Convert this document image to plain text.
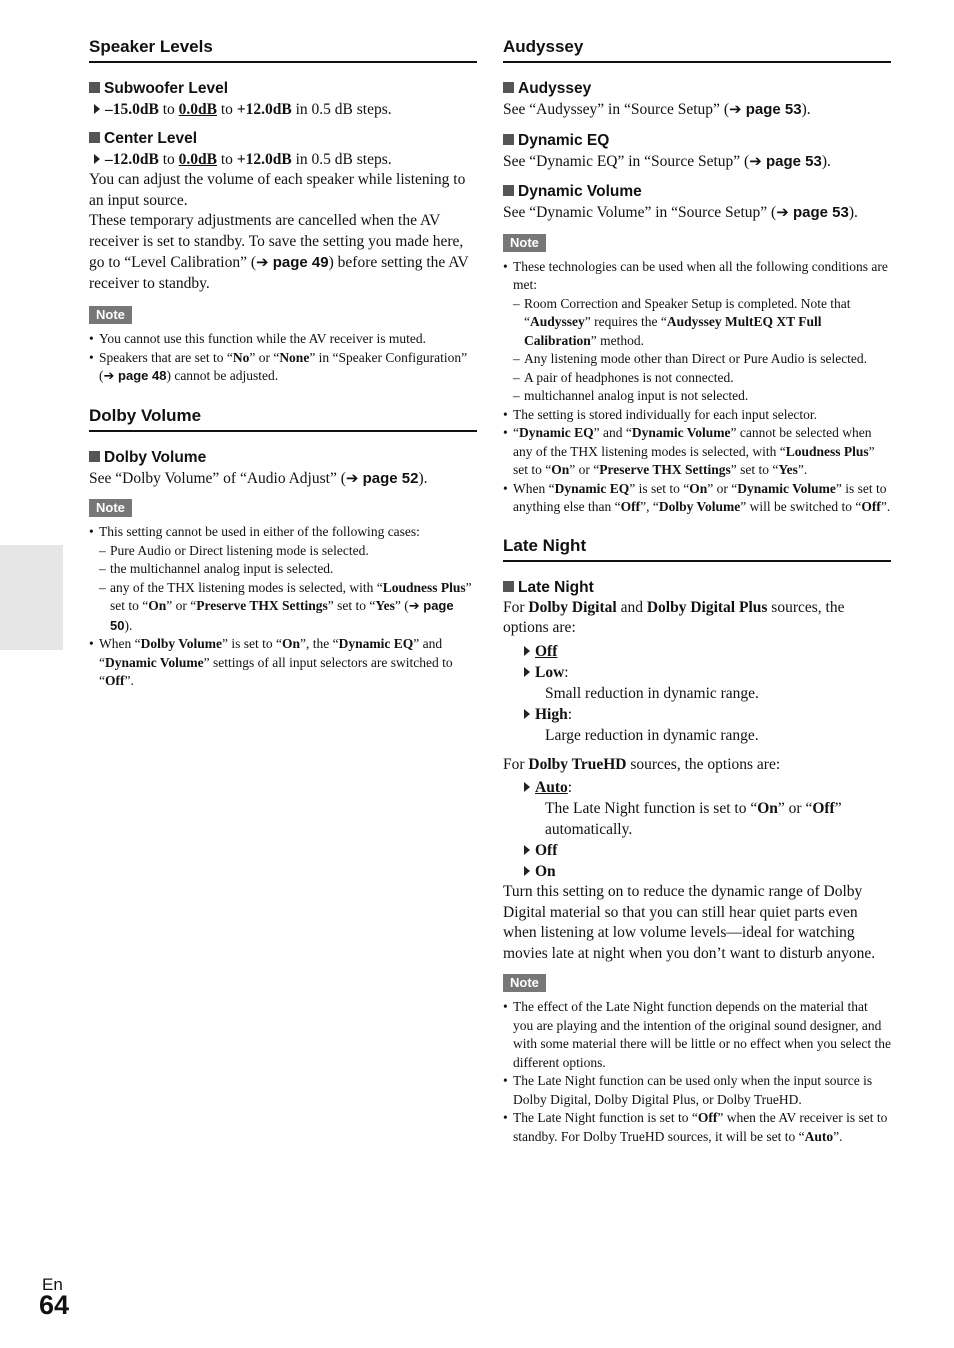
Speaker Levels
Subwoofer Level

–15.0dB to 0.0dB to +12.0dB in 0.5 dB steps.

Center Level

–12.0dB to 0.0dB to +12.0dB in 0.5 dB steps.

You can adjust the volume of each speaker while listening to an input source.

These temporary adjustments are cancelled when the AV receiver is set to standby. To save the setting you made here, go to “Level Calibration” (➔ page 49) before setting the AV receiver to standby.

Note
• You cannot use this function while the AV receiver is muted.
• Speakers that are set to “No” or “None” in “Speaker Configuration” (➔ page 48) cannot be adjusted.
Dolby Volume
Dolby Volume

See “Dolby Volume” of “Audio Adjust” (➔ page 52).

Note
• This setting cannot be used in either of the following cases:
– Pure Audio or Direct listening mode is selected.
– the multichannel analog input is selected.
– any of the THX listening modes is selected, with “Loudness Plus” set to “On” or “Preserve THX Settings” set to “Yes” (➔ page 50).
• When “Dolby Volume” is set to “On”, the “Dynamic EQ” and “Dynamic Volume” settings of all input selectors are switched to “Off”.
Audyssey
Audyssey

See “Audyssey” in “Source Setup” (➔ page 53).

Dynamic EQ

See “Dynamic EQ” in “Source Setup” (➔ page 53).

Dynamic Volume

See “Dynamic Volume” in “Source Setup” (➔ page 53).

Note
• These technologies can be used when all the following conditions are met:
– Room Correction and Speaker Setup is completed. Note that “Audyssey” requires the “Audyssey MultEQ XT Full Calibration” method.
– Any listening mode other than Direct or Pure Audio is selected.
– A pair of headphones is not connected.
– multichannel analog input is not selected.
• The setting is stored individually for each input selector.
• “Dynamic EQ” and “Dynamic Volume” cannot be selected when any of the THX listening modes is selected, with “Loudness Plus” set to “On” or “Preserve THX Settings” set to “Yes”.
• When “Dynamic EQ” is set to “On” or “Dynamic Volume” is set to anything else than “Off”, “Dolby Volume” will be switched to “Off”.
Late Night
Late Night

For Dolby Digital and Dolby Digital Plus sources, the options are:

Off

Low:
Small reduction in dynamic range.

High:
Large reduction in dynamic range.

For Dolby TrueHD sources, the options are:

Auto:
The Late Night function is set to “On” or “Off” automatically.

Off

On

Turn this setting on to reduce the dynamic range of Dolby Digital material so that you can still hear quiet parts even when listening at low volume levels—ideal for watching movies late at night when you don’t want to disturb anyone.

Note
• The effect of the Late Night function depends on the material that you are playing and the intention of the original sound designer, and with some material there will be little or no effect when you select the different options.
• The Late Night function can be used only when the input source is Dolby Digital, Dolby Digital Plus, or Dolby TrueHD.
• The Late Night function is set to “Off” when the AV receiver is set to standby. For Dolby TrueHD sources, it will be set to “Auto”.
En
64
